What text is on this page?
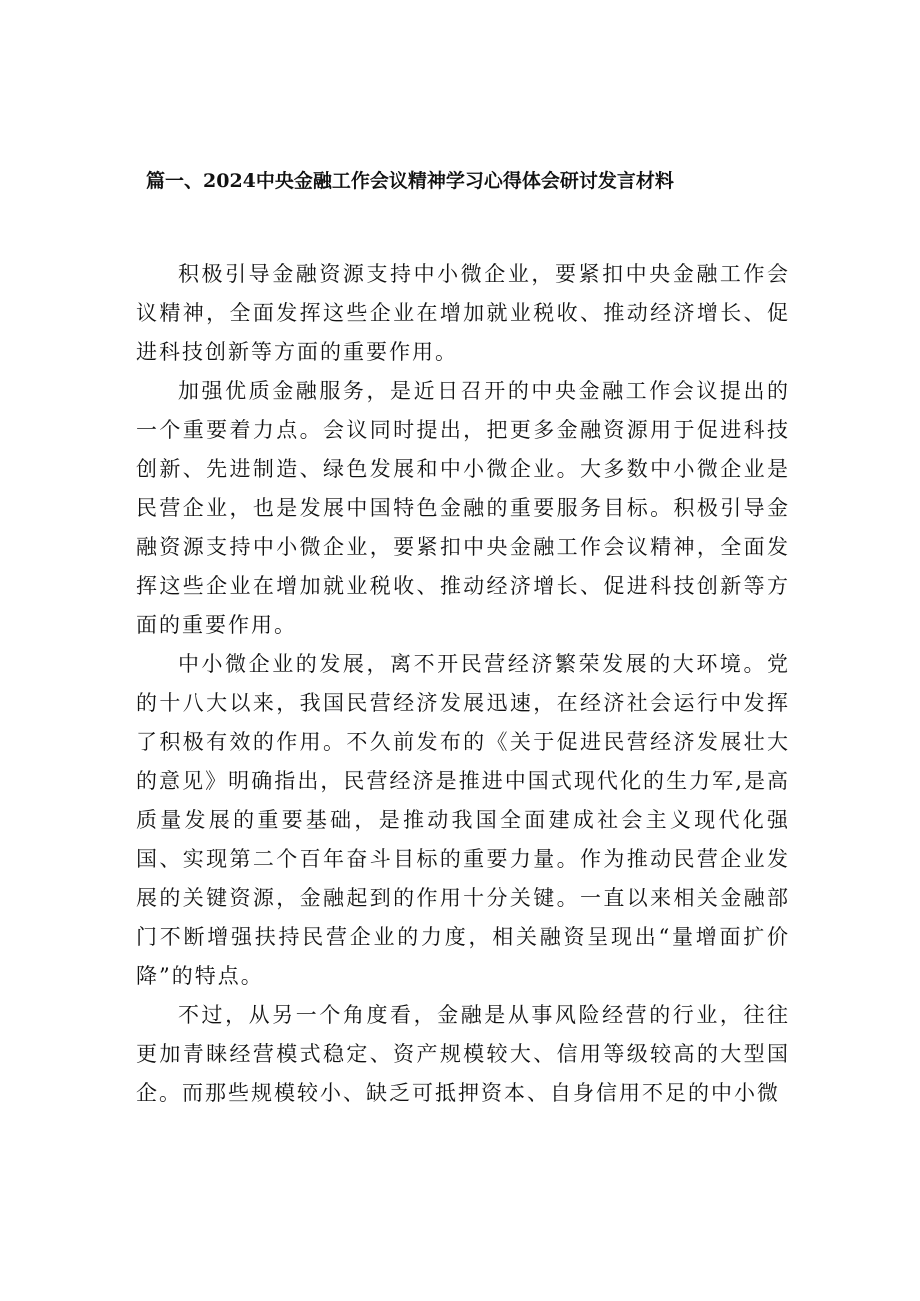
篇一、2024中央金融工作会议精神学习心得体会研讨发言材料

积极引导金融资源支持中小微企业，要紧扣中央金融工作会议精神，全面发挥这些企业在增加就业税收、推动经济增长、促进科技创新等方面的重要作用。

加强优质金融服务，是近日召开的中央金融工作会议提出的一个重要着力点。会议同时提出，把更多金融资源用于促进科技创新、先进制造、绿色发展和中小微企业。大多数中小微企业是民营企业，也是发展中国特色金融的重要服务目标。积极引导金融资源支持中小微企业，要紧扣中央金融工作会议精神，全面发挥这些企业在增加就业税收、推动经济增长、促进科技创新等方面的重要作用。

中小微企业的发展，离不开民营经济繁荣发展的大环境。党的十八大以来，我国民营经济发展迅速，在经济社会运行中发挥了积极有效的作用。不久前发布的《关于促进民营经济发展壮大的意见》明确指出，民营经济是推进中国式现代化的生力军,是高质量发展的重要基础，是推动我国全面建成社会主义现代化强国、实现第二个百年奋斗目标的重要力量。作为推动民营企业发展的关键资源，金融起到的作用十分关键。一直以来相关金融部门不断增强扶持民营企业的力度，相关融资呈现出“量增面扩价降”的特点。

不过，从另一个角度看，金融是从事风险经营的行业，往往更加青睐经营模式稳定、资产规模较大、信用等级较高的大型国企。而那些规模较小、缺乏可抵押资本、自身信用不足的中小微
